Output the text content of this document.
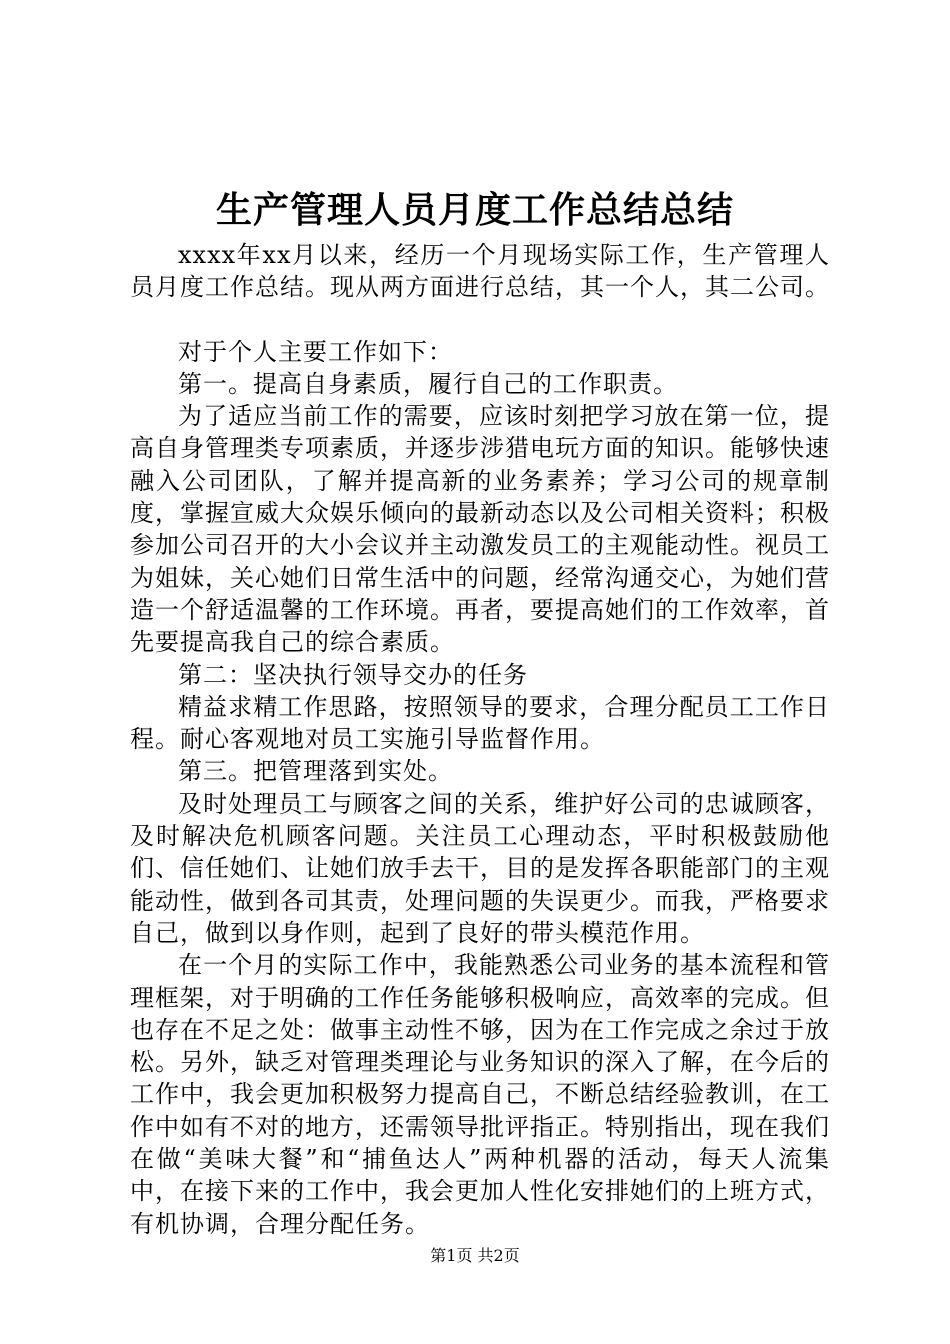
生产管理人员月度工作总结总结

xxxx年xx月以来，经历一个月现场实际工作，生产管理人员月度工作总结。现从两方面进行总结，其一个人，其二公司。

对于个人主要工作如下：

第一。提高自身素质，履行自己的工作职责。

为了适应当前工作的需要，应该时刻把学习放在第一位，提高自身管理类专项素质，并逐步涉猎电玩方面的知识。能够快速融入公司团队，了解并提高新的业务素养；学习公司的规章制度，掌握宣威大众娱乐倾向的最新动态以及公司相关资料；积极参加公司召开的大小会议并主动激发员工的主观能动性。视员工为姐妹，关心她们日常生活中的问题，经常沟通交心，为她们营造一个舒适温馨的工作环境。再者，要提高她们的工作效率，首先要提高我自己的综合素质。

第二：坚决执行领导交办的任务

精益求精工作思路，按照领导的要求，合理分配员工工作日程。耐心客观地对员工实施引导监督作用。

第三。把管理落到实处。

及时处理员工与顾客之间的关系，维护好公司的忠诚顾客，及时解决危机顾客问题。关注员工心理动态，平时积极鼓励他们、信任她们、让她们放手去干，目的是发挥各职能部门的主观能动性，做到各司其责，处理问题的失误更少。而我，严格要求自己，做到以身作则，起到了良好的带头模范作用。

在一个月的实际工作中，我能熟悉公司业务的基本流程和管理框架，对于明确的工作任务能够积极响应，高效率的完成。但也存在不足之处：做事主动性不够，因为在工作完成之余过于放松。另外，缺乏对管理类理论与业务知识的深入了解，在今后的工作中，我会更加积极努力提高自己，不断总结经验教训，在工作中如有不对的地方，还需领导批评指正。特别指出，现在我们在做“美味大餐”和“捕鱼达人”两种机器的活动，每天人流集中，在接下来的工作中，我会更加人性化安排她们的上班方式，有机协调，合理分配任务。

第1页 共2页
